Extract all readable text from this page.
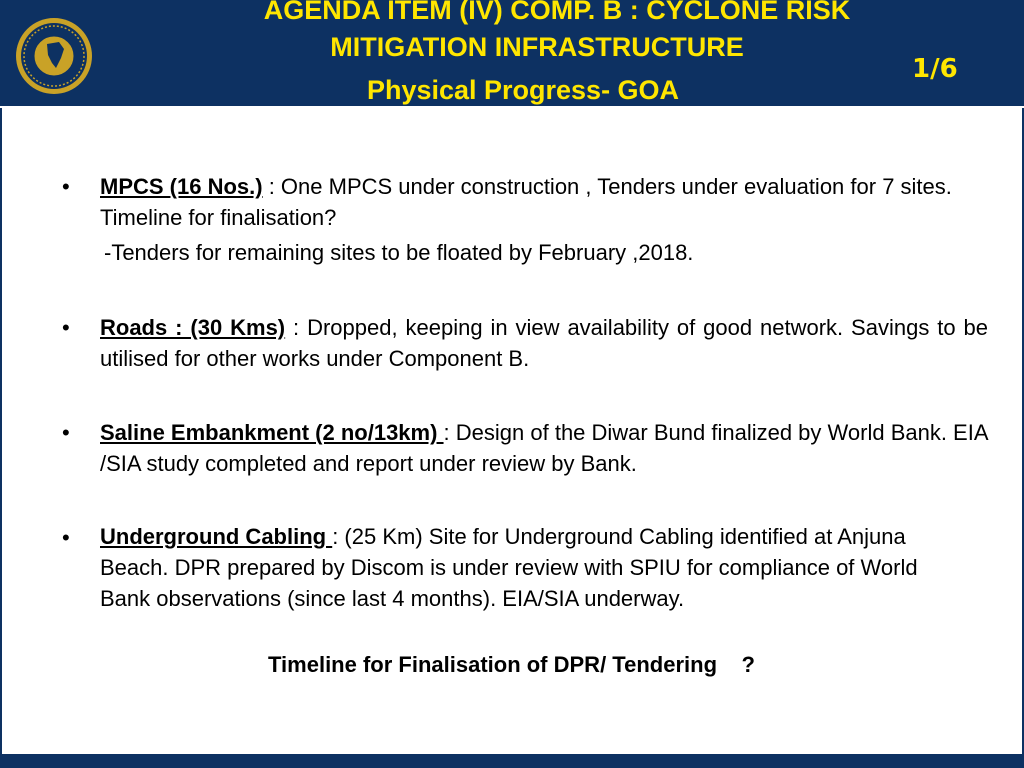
AGENDA ITEM (IV) COMP. B : CYCLONE RISK
MITIGATION INFRASTRUCTURE
Physical Progress- GOA
1/6
• MPCS (16 Nos.) : One MPCS under construction , Tenders under evaluation for 7 sites. Timeline for finalisation?
-Tenders for remaining sites to be floated by February ,2018.
• Roads : (30 Kms) : Dropped, keeping in view availability of good network. Savings to be utilised for other works under Component B.
• Saline Embankment (2 no/13km) : Design of the Diwar Bund finalized by World Bank. EIA /SIA study completed and report under review by Bank.
• Underground Cabling : (25 Km) Site for Underground Cabling identified at Anjuna Beach. DPR prepared by Discom is under review with SPIU for compliance of World Bank observations (since last 4 months). EIA/SIA underway.
Timeline for Finalisation of DPR/ Tendering    ?
